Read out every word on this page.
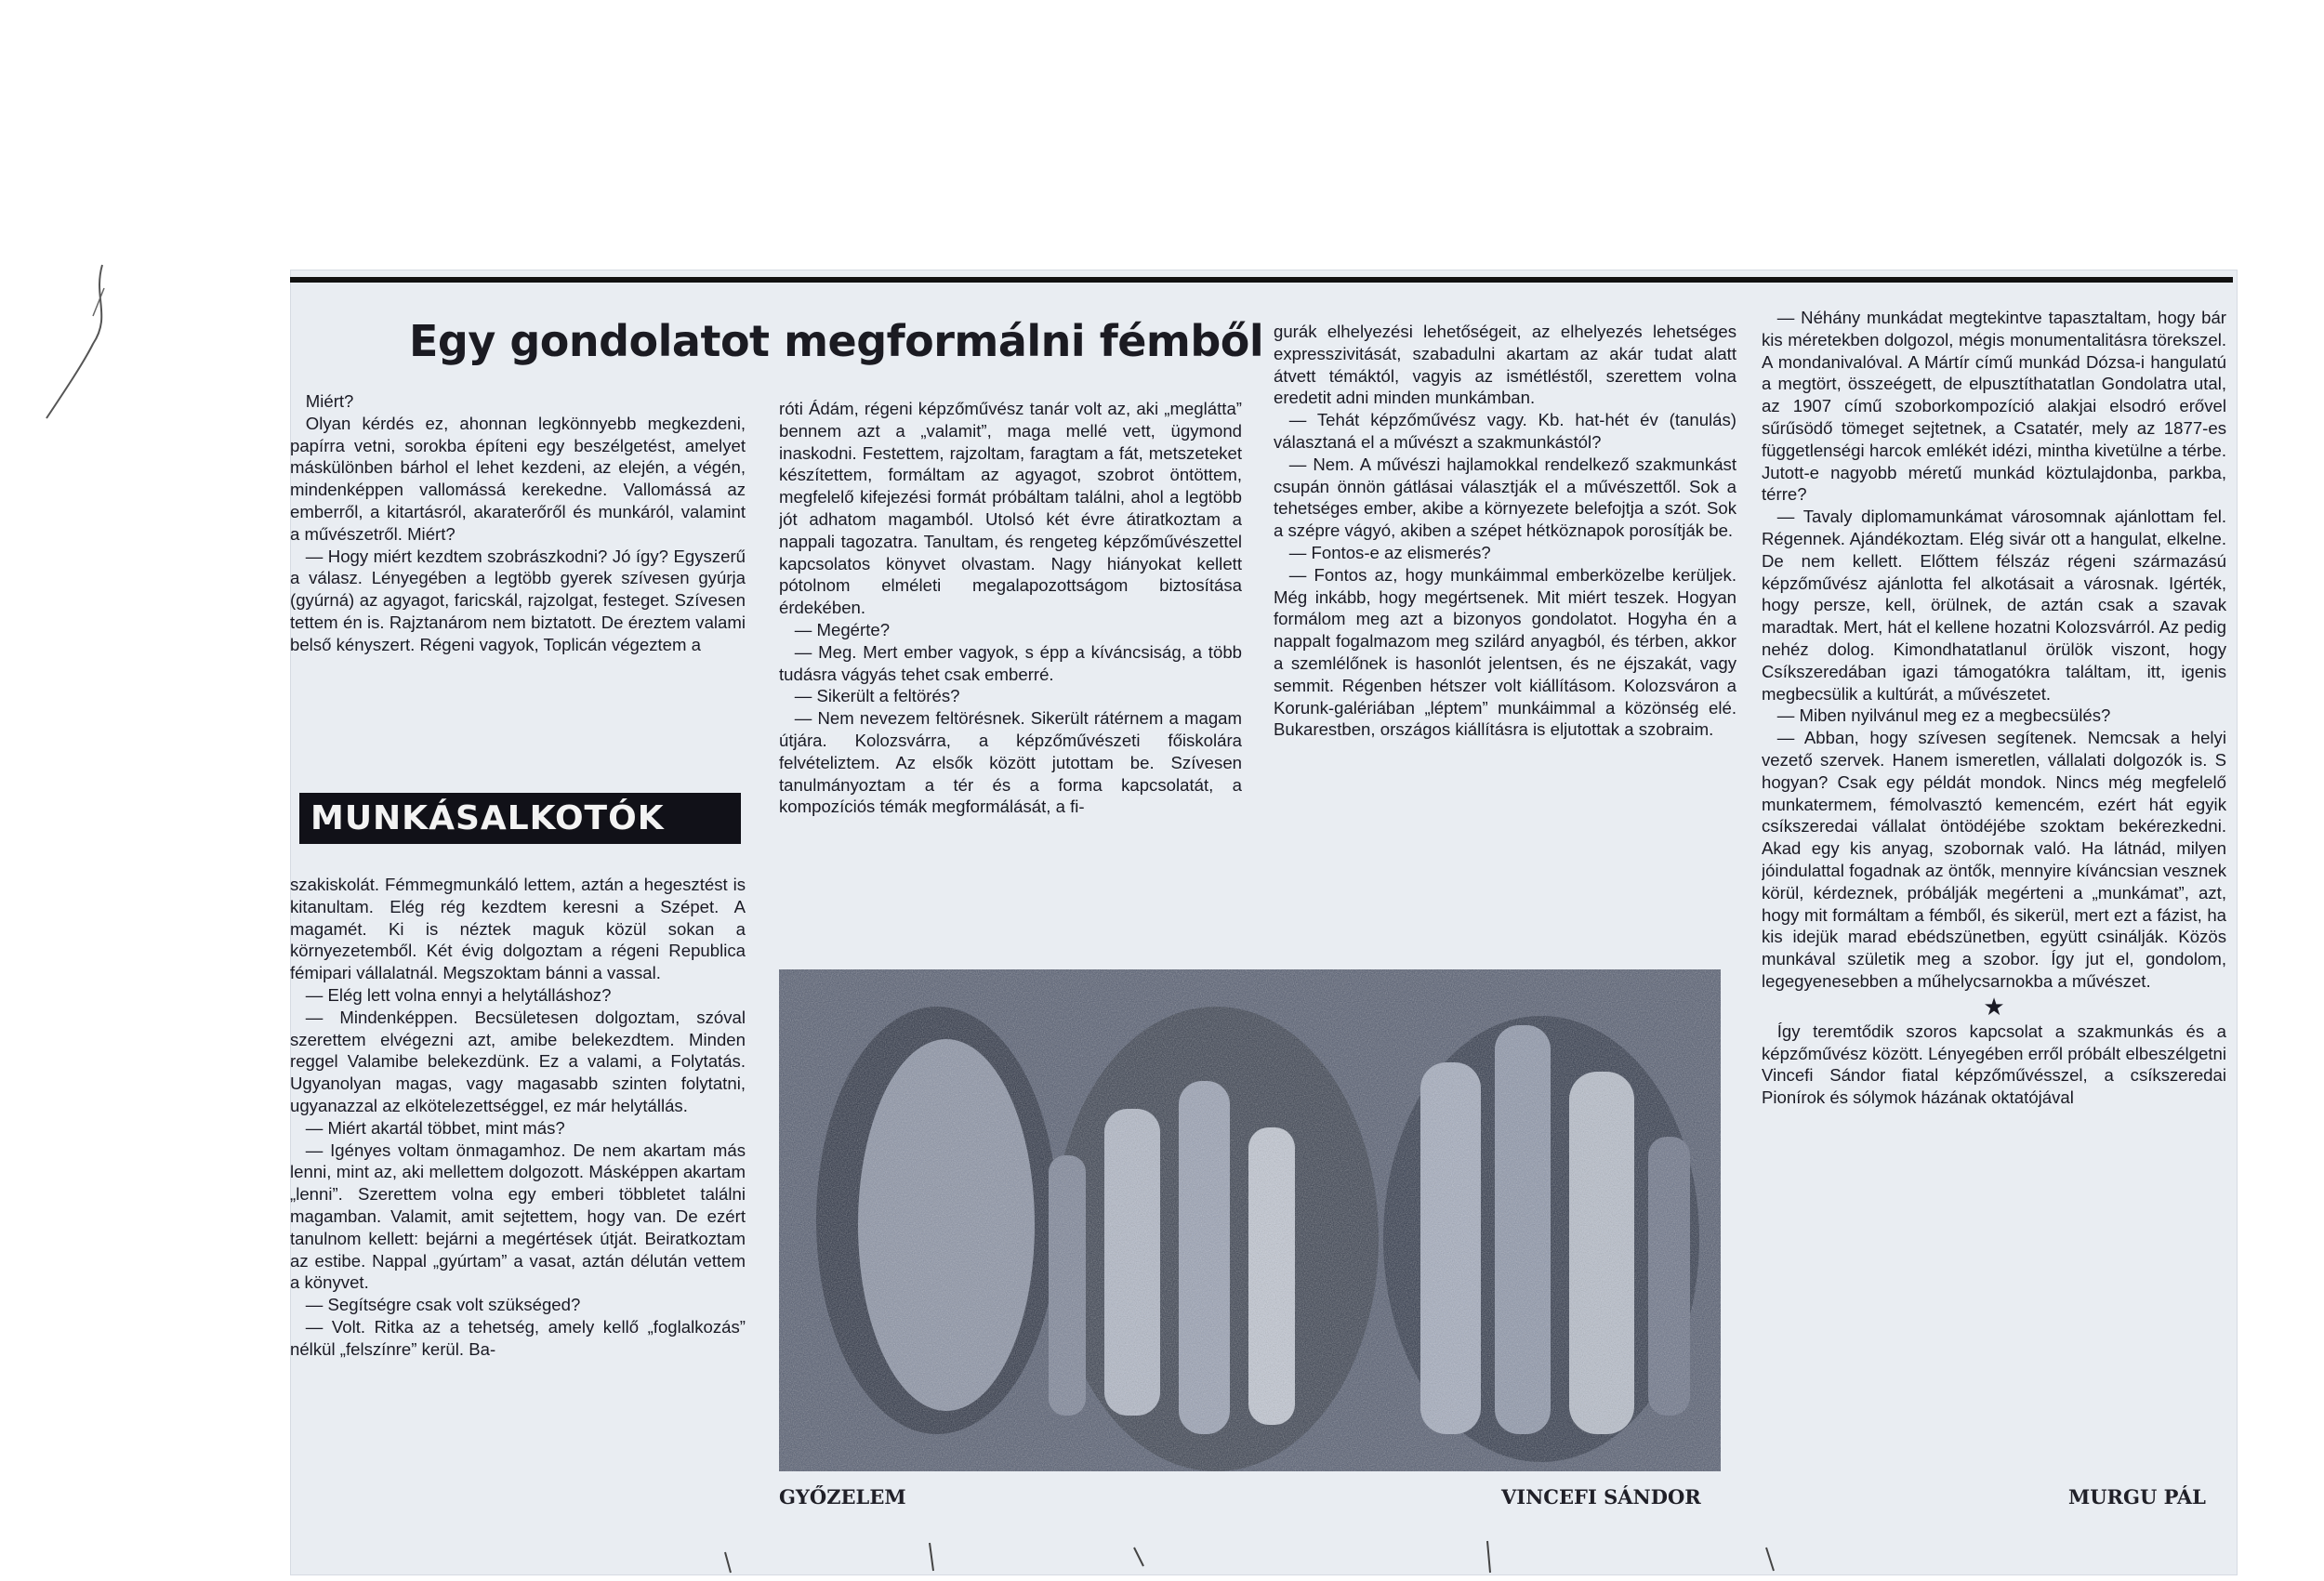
Egy gondolatot megformálni fémből

Miért?

Olyan kérdés ez, ahonnan legkönnyebb megkezdeni, papírra vetni, sorokba építeni egy beszélgetést, amelyet máskülönben bárhol el lehet kezdeni, az elején, a végén, mindenképpen vallomássá kerekedne. Vallomássá az emberről, a kitartásról, akaraterőről és munkáról, valamint a művészetről. Miért?

— Hogy miért kezdtem szobrászkodni? Jó így? Egyszerű a válasz. Lényegében a legtöbb gyerek szívesen gyúrja (gyúrná) az agyagot, faricskál, rajzolgat, festeget. Szívesen tettem én is. Rajztanárom nem biztatott. De éreztem valami belső kényszert. Régeni vagyok, Toplicán végeztem a

MUNKÁSALKOTÓK

szakiskolát. Fémmegmunkáló lettem, aztán a hegesztést is kitanultam. Elég rég kezdtem keresni a Szépet. A magamét. Ki is néztek maguk közül sokan a környezetemből. Két évig dolgoztam a régeni Republica fémipari vállalatnál. Megszoktam bánni a vassal.

— Elég lett volna ennyi a helytálláshoz?

— Mindenképpen. Becsületesen dolgoztam, szóval szerettem elvégezni azt, amibe belekezdtem. Minden reggel Valamibe belekezdünk. Ez a valami, a Folytatás. Ugyanolyan magas, vagy magasabb szinten folytatni, ugyanazzal az elkötelezettséggel, ez már helytállás.

— Miért akartál többet, mint más?

— Igényes voltam önmagamhoz. De nem akartam más lenni, mint az, aki mellettem dolgozott. Másképpen akartam „lenni”. Szerettem volna egy emberi többletet találni magamban. Valamit, amit sejtettem, hogy van. De ezért tanulnom kellett: bejárni a megértések útját. Beiratkoztam az estibe. Nappal „gyúrtam” a vasat, aztán délután vettem a könyvet.

— Segítségre csak volt szükséged?

— Volt. Ritka az a tehetség, amely kellő „foglalkozás” nélkül „felszínre” kerül. Ba-

róti Ádám, régeni képzőművész tanár volt az, aki „meglátta” bennem azt a „valamit”, maga mellé vett, ügymond inaskodni. Festettem, rajzoltam, faragtam a fát, metszeteket készítettem, formáltam az agyagot, szobrot öntöttem, megfelelő kifejezési formát próbáltam találni, ahol a legtöbb jót adhatom magamból. Utolsó két évre átiratkoztam a nappali tagozatra. Tanultam, és rengeteg képzőművészettel kapcsolatos könyvet olvastam. Nagy hiányokat kellett pótolnom elméleti megalapozottságom biztosítása érdekében.

— Megérte?

— Meg. Mert ember vagyok, s épp a kíváncsiság, a több tudásra vágyás tehet csak emberré.

— Sikerült a feltörés?

— Nem nevezem feltörésnek. Sikerült rátérnem a magam útjára. Kolozsvárra, a képzőművészeti főiskolára felvételiztem. Az elsők között jutottam be. Szívesen tanulmányoztam a tér és a forma kapcsolatát, a kompozíciós témák megformálását, a fi-

gurák elhelyezési lehetőségeit, az elhelyezés lehetséges expresszivitását, szabadulni akartam az akár tudat alatt átvett témáktól, vagyis az ismétléstől, szerettem volna eredetit adni minden munkámban.

— Tehát képzőművész vagy. Kb. hat-hét év (tanulás) választaná el a művészt a szakmunkástól?

— Nem. A művészi hajlamokkal rendelkező szakmunkást csupán önnön gátlásai választják el a művészettől. Sok a tehetséges ember, akibe a környezete belefojtja a szót. Sok a szépre vágyó, akiben a szépet hétköznapok porosítják be.

— Fontos-e az elismerés?

— Fontos az, hogy munkáimmal emberközelbe kerüljek. Még inkább, hogy megértsenek. Mit miért teszek. Hogyan formálom meg azt a bizonyos gondolatot. Hogyha én a nappalt fogalmazom meg szilárd anyagból, és térben, akkor a szemlélőnek is hasonlót jelentsen, és ne éjszakát, vagy semmit. Régenben hétszer volt kiállításom. Kolozsváron a Korunk-galériában „léptem” munkáimmal a közönség elé. Bukarestben, országos kiállításra is eljutottak a szobraim.

— Néhány munkádat megtekintve tapasztaltam, hogy bár kis méretekben dolgozol, mégis monumentalitásra törekszel. A mondanivalóval. A Mártír című munkád Dózsa-i hangulatú a megtört, összeégett, de elpusztíthatatlan Gondolatra utal, az 1907 című szoborkompozíció alakjai elsodró erővel sűrűsödő tömeget sejtetnek, a Csatatér, mely az 1877-es függetlenségi harcok emlékét idézi, mintha kivetülne a térbe. Jutott-e nagyobb méretű munkád köztulajdonba, parkba, térre?

— Tavaly diplomamunkámat városomnak ajánlottam fel. Régennek. Ajándékoztam. Elég sivár ott a hangulat, elkelne. De nem kellett. Előttem félszáz régeni származású képzőművész ajánlotta fel alkotásait a városnak. Igérték, hogy persze, kell, örülnek, de aztán csak a szavak maradtak. Mert, hát el kellene hozatni Kolozsvárról. Az pedig nehéz dolog. Kimondhatatlanul örülök viszont, hogy Csíkszeredában igazi támogatókra találtam, itt, igenis megbecsülik a kultúrát, a művészetet.

— Miben nyilvánul meg ez a megbecsülés?

— Abban, hogy szívesen segítenek. Nemcsak a helyi vezető szervek. Hanem ismeretlen, vállalati dolgozók is. S hogyan? Csak egy példát mondok. Nincs még megfelelő munkatermem, fémolvasztó kemencém, ezért hát egyik csíkszeredai vállalat öntödéjébe szoktam bekérezkedni. Akad egy kis anyag, szobornak való. Ha látnád, milyen jóindulattal fogadnak az öntők, mennyire kíváncsian vesznek körül, kérdeznek, próbálják megérteni a „munkámat”, azt, hogy mit formáltam a fémből, és sikerül, mert ezt a fázist, ha kis idejük marad ebédszünetben, együtt csinálják. Közös munkával születik meg a szobor. Így jut el, gondolom, legegyenesebben a műhelycsarnokba a művészet.

★

Így teremtődik szoros kapcsolat a szakmunkás és a képzőművész között. Lényegében erről próbált elbeszélgetni Vincefi Sándor fiatal képzőművésszel, a csíkszeredai Pionírok és sólymok házának oktatójával

GYŐZELEM	VINCEFI SÁNDOR	MURGU PÁL
